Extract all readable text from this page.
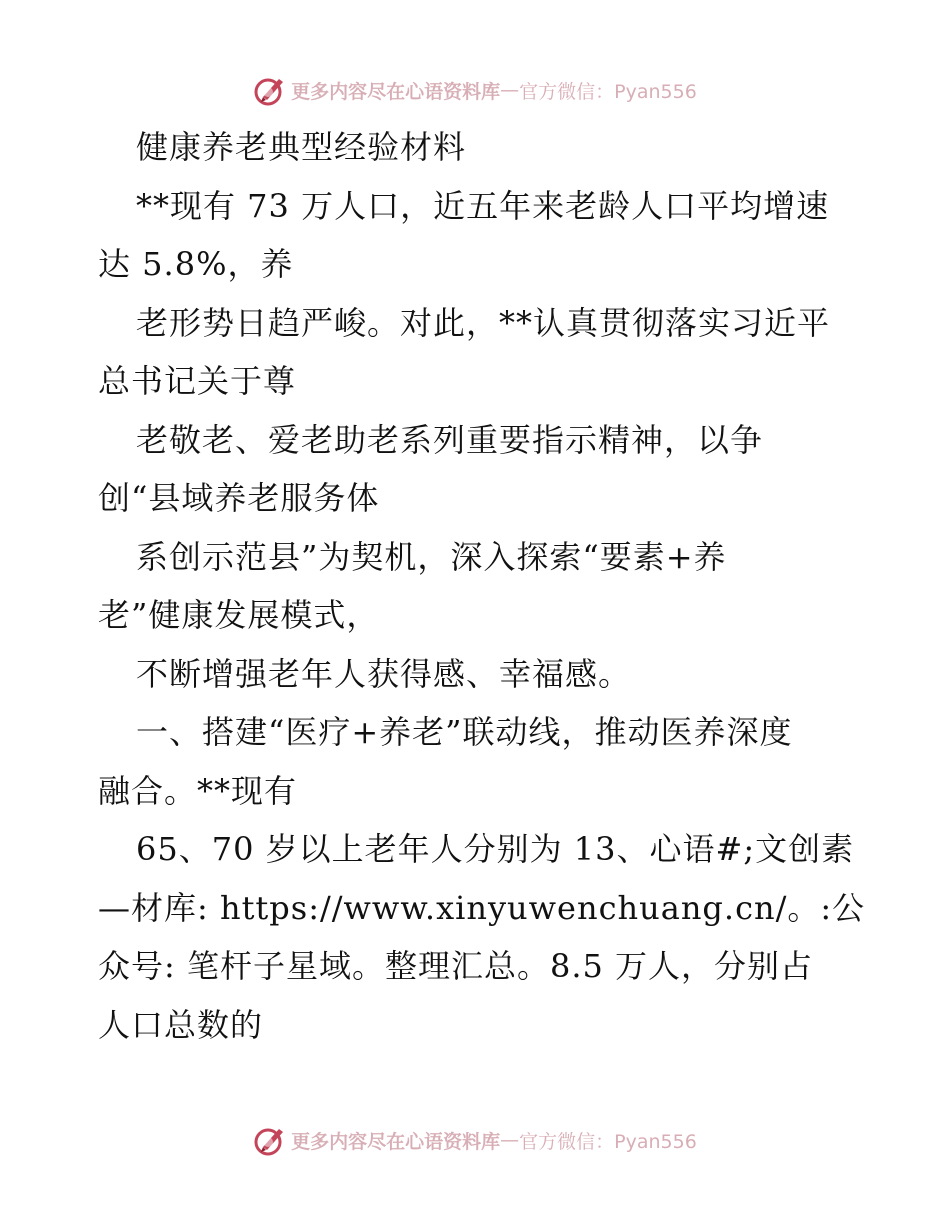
更多内容尽在心语资料库 — 官方微信：Pyan556
健康养老典型经验材料
**现有 73 万人口，近五年来老龄人口平均增速
达 5.8%，养
老形势日趋严峻。对此，**认真贯彻落实习近平
总书记关于尊
老敬老、爱老助老系列重要指示精神，以争
创“县域养老服务体
系创示范县”为契机，深入探索“要素+养
老”健康发展模式，
不断增强老年人获得感、幸福感。
一、搭建“医疗+养老”联动线，推动医养深度
融合。**现有
65、70 岁以上老年人分别为 13、心语#;文创素
—材库: https://www.xinyuwenchuang.cn/。:公
众号: 笔杆子星域。整理汇总。8.5 万人，分别占
人口总数的
更多内容尽在心语资料库 — 官方微信：Pyan556
